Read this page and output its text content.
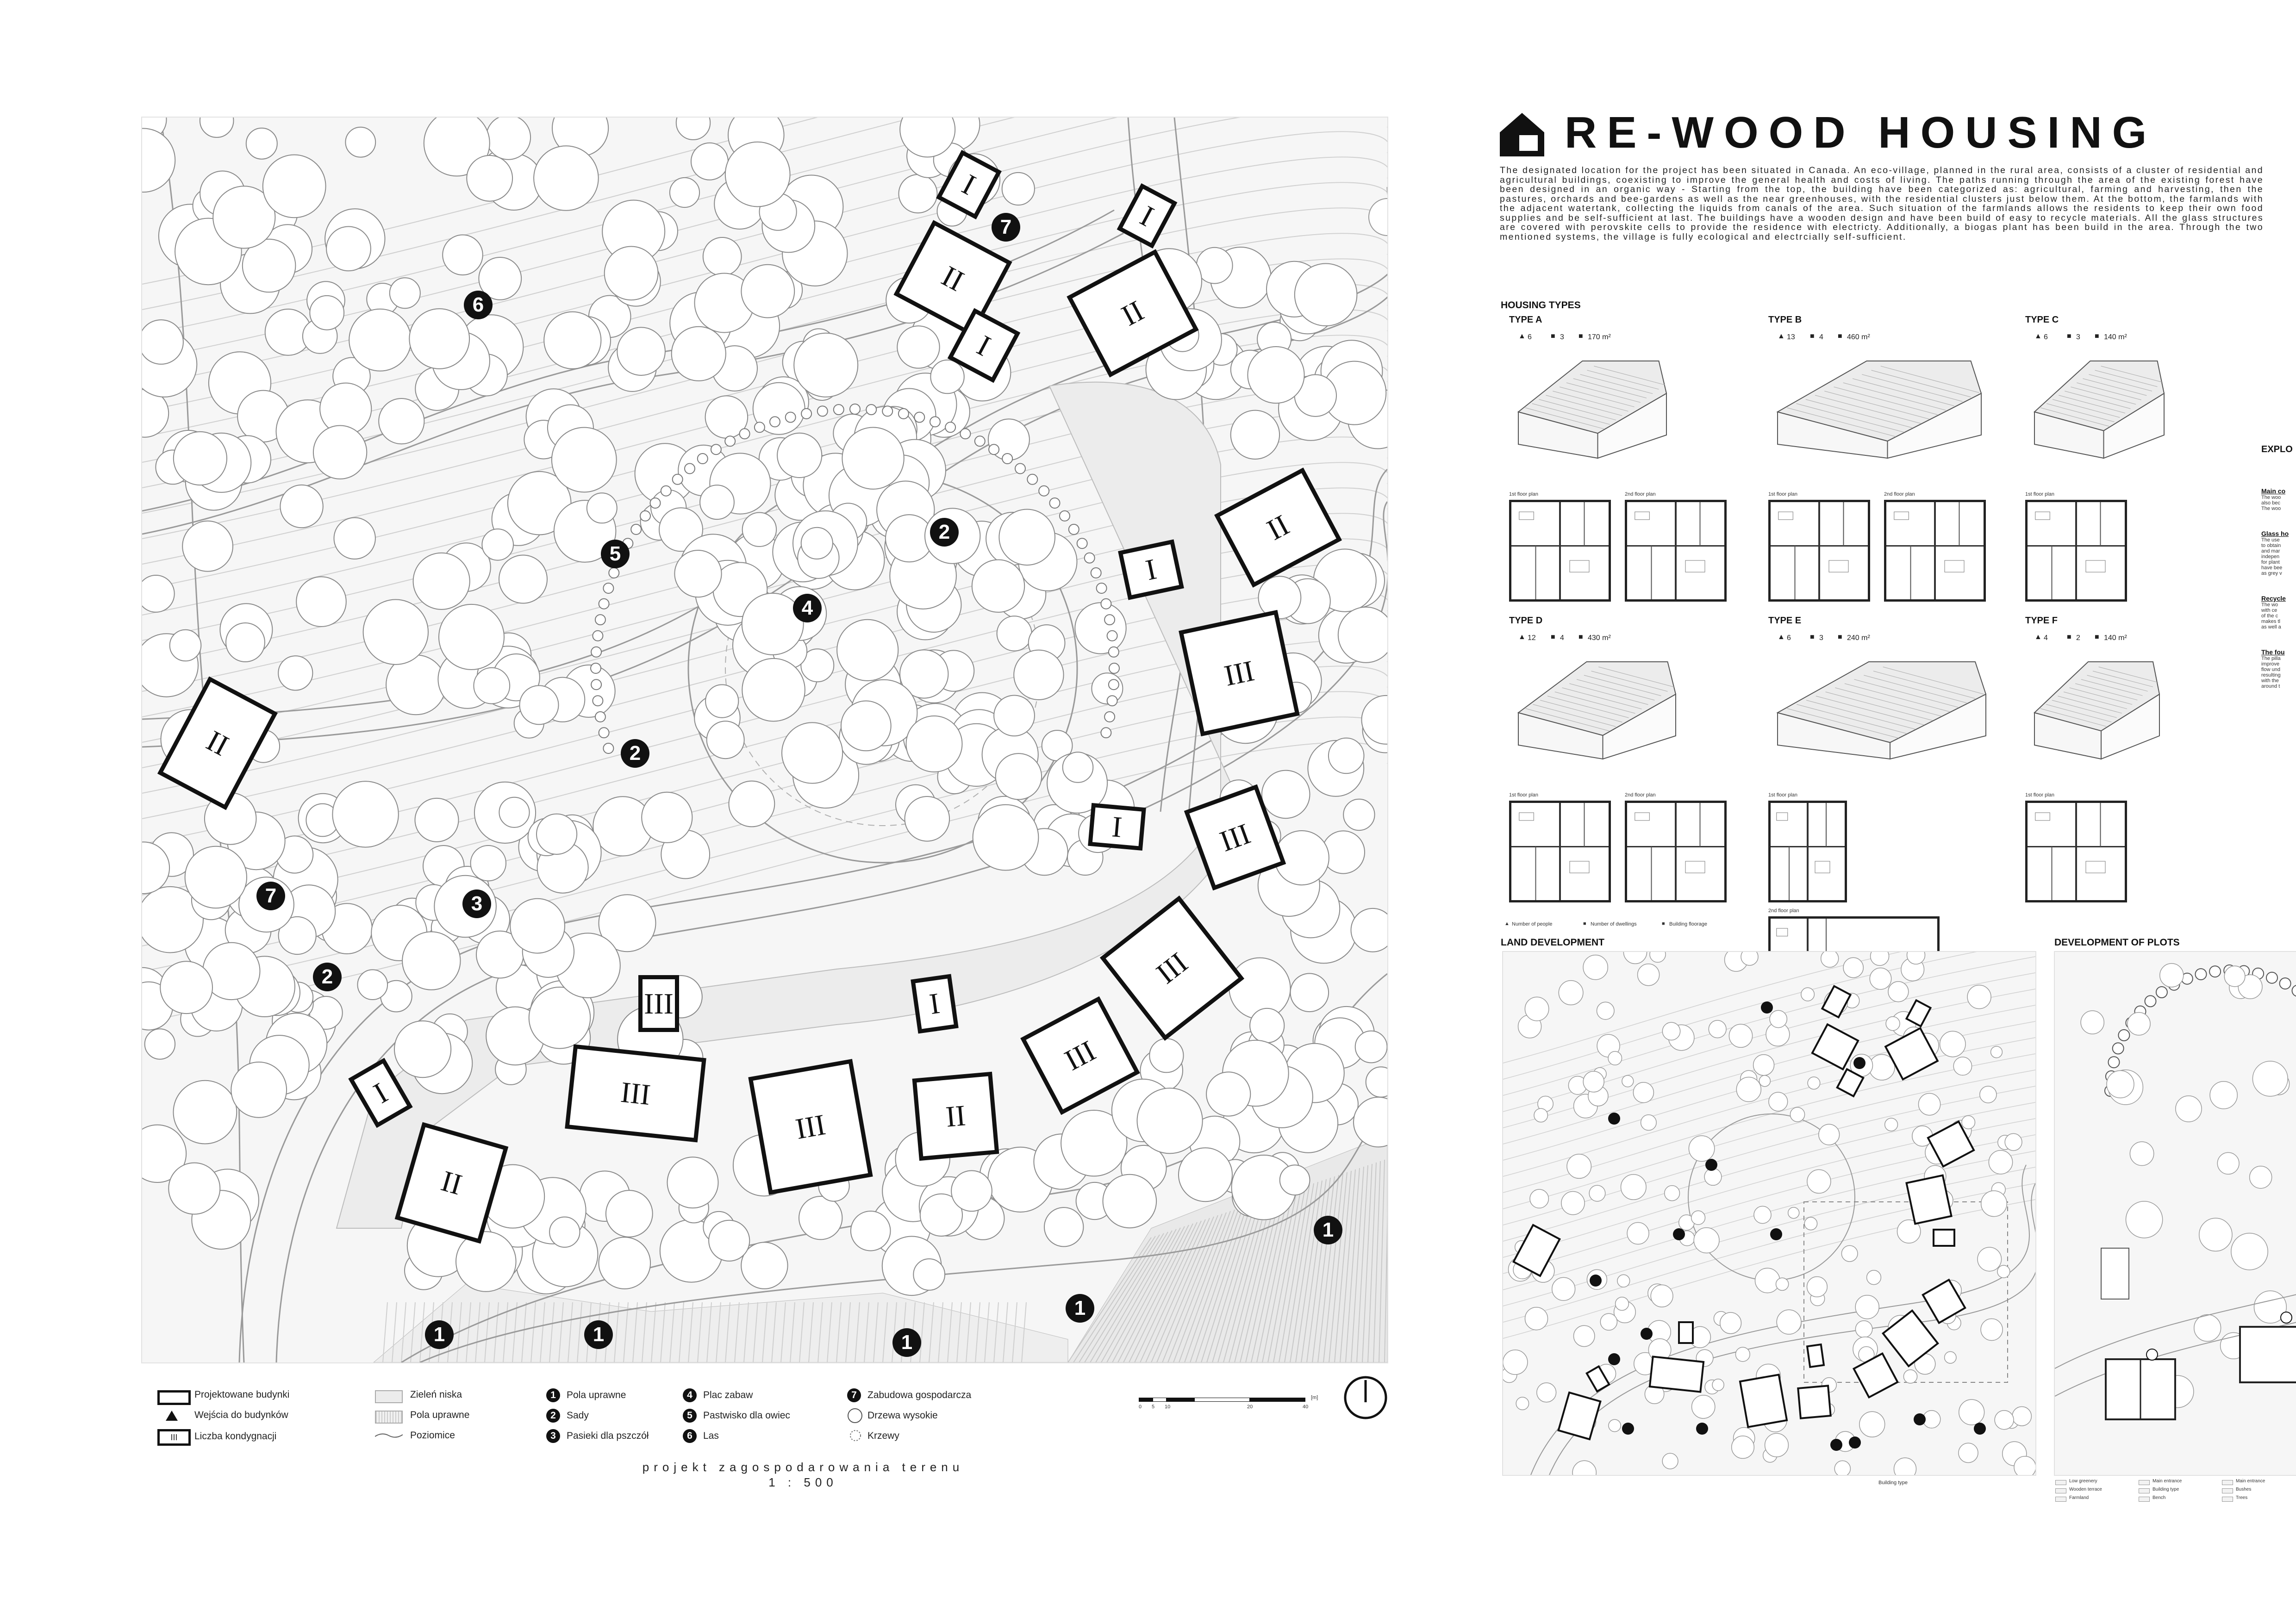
1	1	1
1
1
2
2
2
3
4
5
6
7
7
I
II
I
I
II
I
II
III
III
I
III
III
I
III	II
III
III
II
II
I
Projektowane budynki
Wejścia do budynków
III	Liczba kondygnacji
Zieleń niska
Pola uprawne
Poziomice
1	Pola uprawne
2	Sady
3	Pasieki dla pszczół
4	Plac zabaw
5	Pastwisko dla owiec
6	Las
7	Zabudowa gospodarcza
Drzewa wysokie
Krzewy
0 5 10	20	40
[m]
projekt zagospodarowania terenu
1 : 500
RE-WOOD HOUSING
The designated location for the project has been situated in Canada. An eco-village, planned in the rural area, consists of a cluster of residential and agricultural buildings, coexisting to improve the general health and costs of living. The paths running through the area of the existing forest have been designed in an organic way - Starting from the top, the building have been categorized as: agricultural, farming and harvesting, then the pastures, orchards and bee-gardens as well as the near greenhouses, with the residential clusters just below them. At the bottom, the farmlands with the adjacent watertank, collecting the liquids from canals of the area. Such situation of the farmlands allows the residents to keep their own food supplies and be self-sufficient at last. The buildings have a wooden design and have been build of easy to recycle materials. All the glass structures are covered with perovskite cells to provide the residence with electricty. Additionally, a biogas plant has been build in the area. Through the two mentioned systems, the village is fully ecological and electrcially self-sufficient.
HOUSING TYPES
TYPE A
▲ 6	■ 3 ■ 170 m²
1st floor plan	2nd floor plan
TYPE B
▲ 13 ■ 4 ■ 460 m²
1st floor plan	2nd floor plan
TYPE C
▲ 6	■ 3 ■ 140 m²
1st floor plan
TYPE D
▲ 12 ■ 4 ■ 430 m²
1st floor plan	2nd floor plan
TYPE E
▲ 6	■ 3 ■ 240 m²
1st floor plan
2nd floor plan
TYPE F
▲ 4	■ 2 ■ 140 m²
1st floor plan
▲ Number of people	■ Number of dwellings	■ Building floorage

EXPLO

Main co

The woo

also bec

The woo

Glass ho

The use

to obtain

and mar

indepen

for plant

have bee

as grey v

Recycle

The wo

with ce

of the c

makes tl

as well a

The fou

The pilla

improve

flow und

resulting

with the

around t

LAND DEVELOPMENT
Building type
DEVELOPMENT OF PLOTS
Low greenery
Wooden terrace
Farmland
Main entrance
Building type
Bench
Main entrance
Bushes
Trees
